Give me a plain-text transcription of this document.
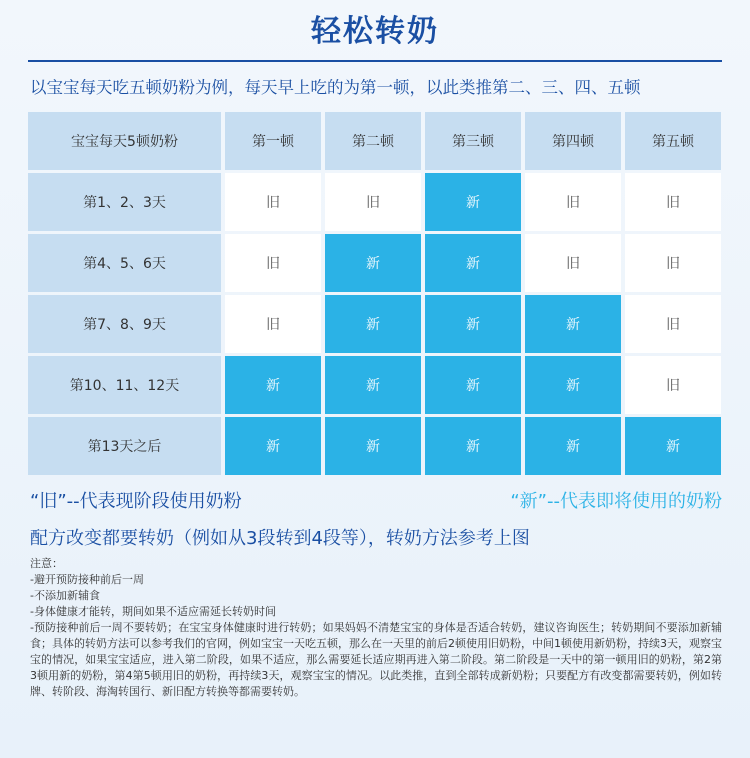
轻松转奶
以宝宝每天吃五顿奶粉为例，每天早上吃的为第一顿，以此类推第二、三、四、五顿
宝宝每天5顿奶粉	第一顿	第二顿	第三顿	第四顿	第五顿
第1、2、3天	旧	旧	新	旧	旧
第4、5、6天	旧	新	新	旧	旧
第7、8、9天	旧	新	新	新	旧
第10、11、12天	新	新	新	新	旧
第13天之后	新	新	新	新	新
“旧”--代表现阶段使用奶粉	“新”--代表即将使用的奶粉
配方改变都要转奶（例如从3段转到4段等），转奶方法参考上图
注意：
-避开预防接种前后一周
-不添加新辅食
-身体健康才能转，期间如果不适应需延长转奶时间
-预防接种前后一周不要转奶；在宝宝身体健康时进行转奶；如果妈妈不清楚宝宝的身体是否适合转奶，建议咨询医生；转奶期间不要添加新辅食；具体的转奶方法可以参考我们的官网，例如宝宝一天吃五顿，那么在一天里的前后2顿使用旧奶粉，中间1顿使用新奶粉，持续3天，观察宝宝的情况，如果宝宝适应，进入第二阶段，如果不适应，那么需要延长适应期再进入第二阶段。第二阶段是一天中的第一顿用旧的奶粉，第2第3顿用新的奶粉，第4第5顿用旧的奶粉，再持续3天，观察宝宝的情况。以此类推，直到全部转成新奶粉；只要配方有改变都需要转奶，例如转牌、转阶段、海淘转国行、新旧配方转换等都需要转奶。
